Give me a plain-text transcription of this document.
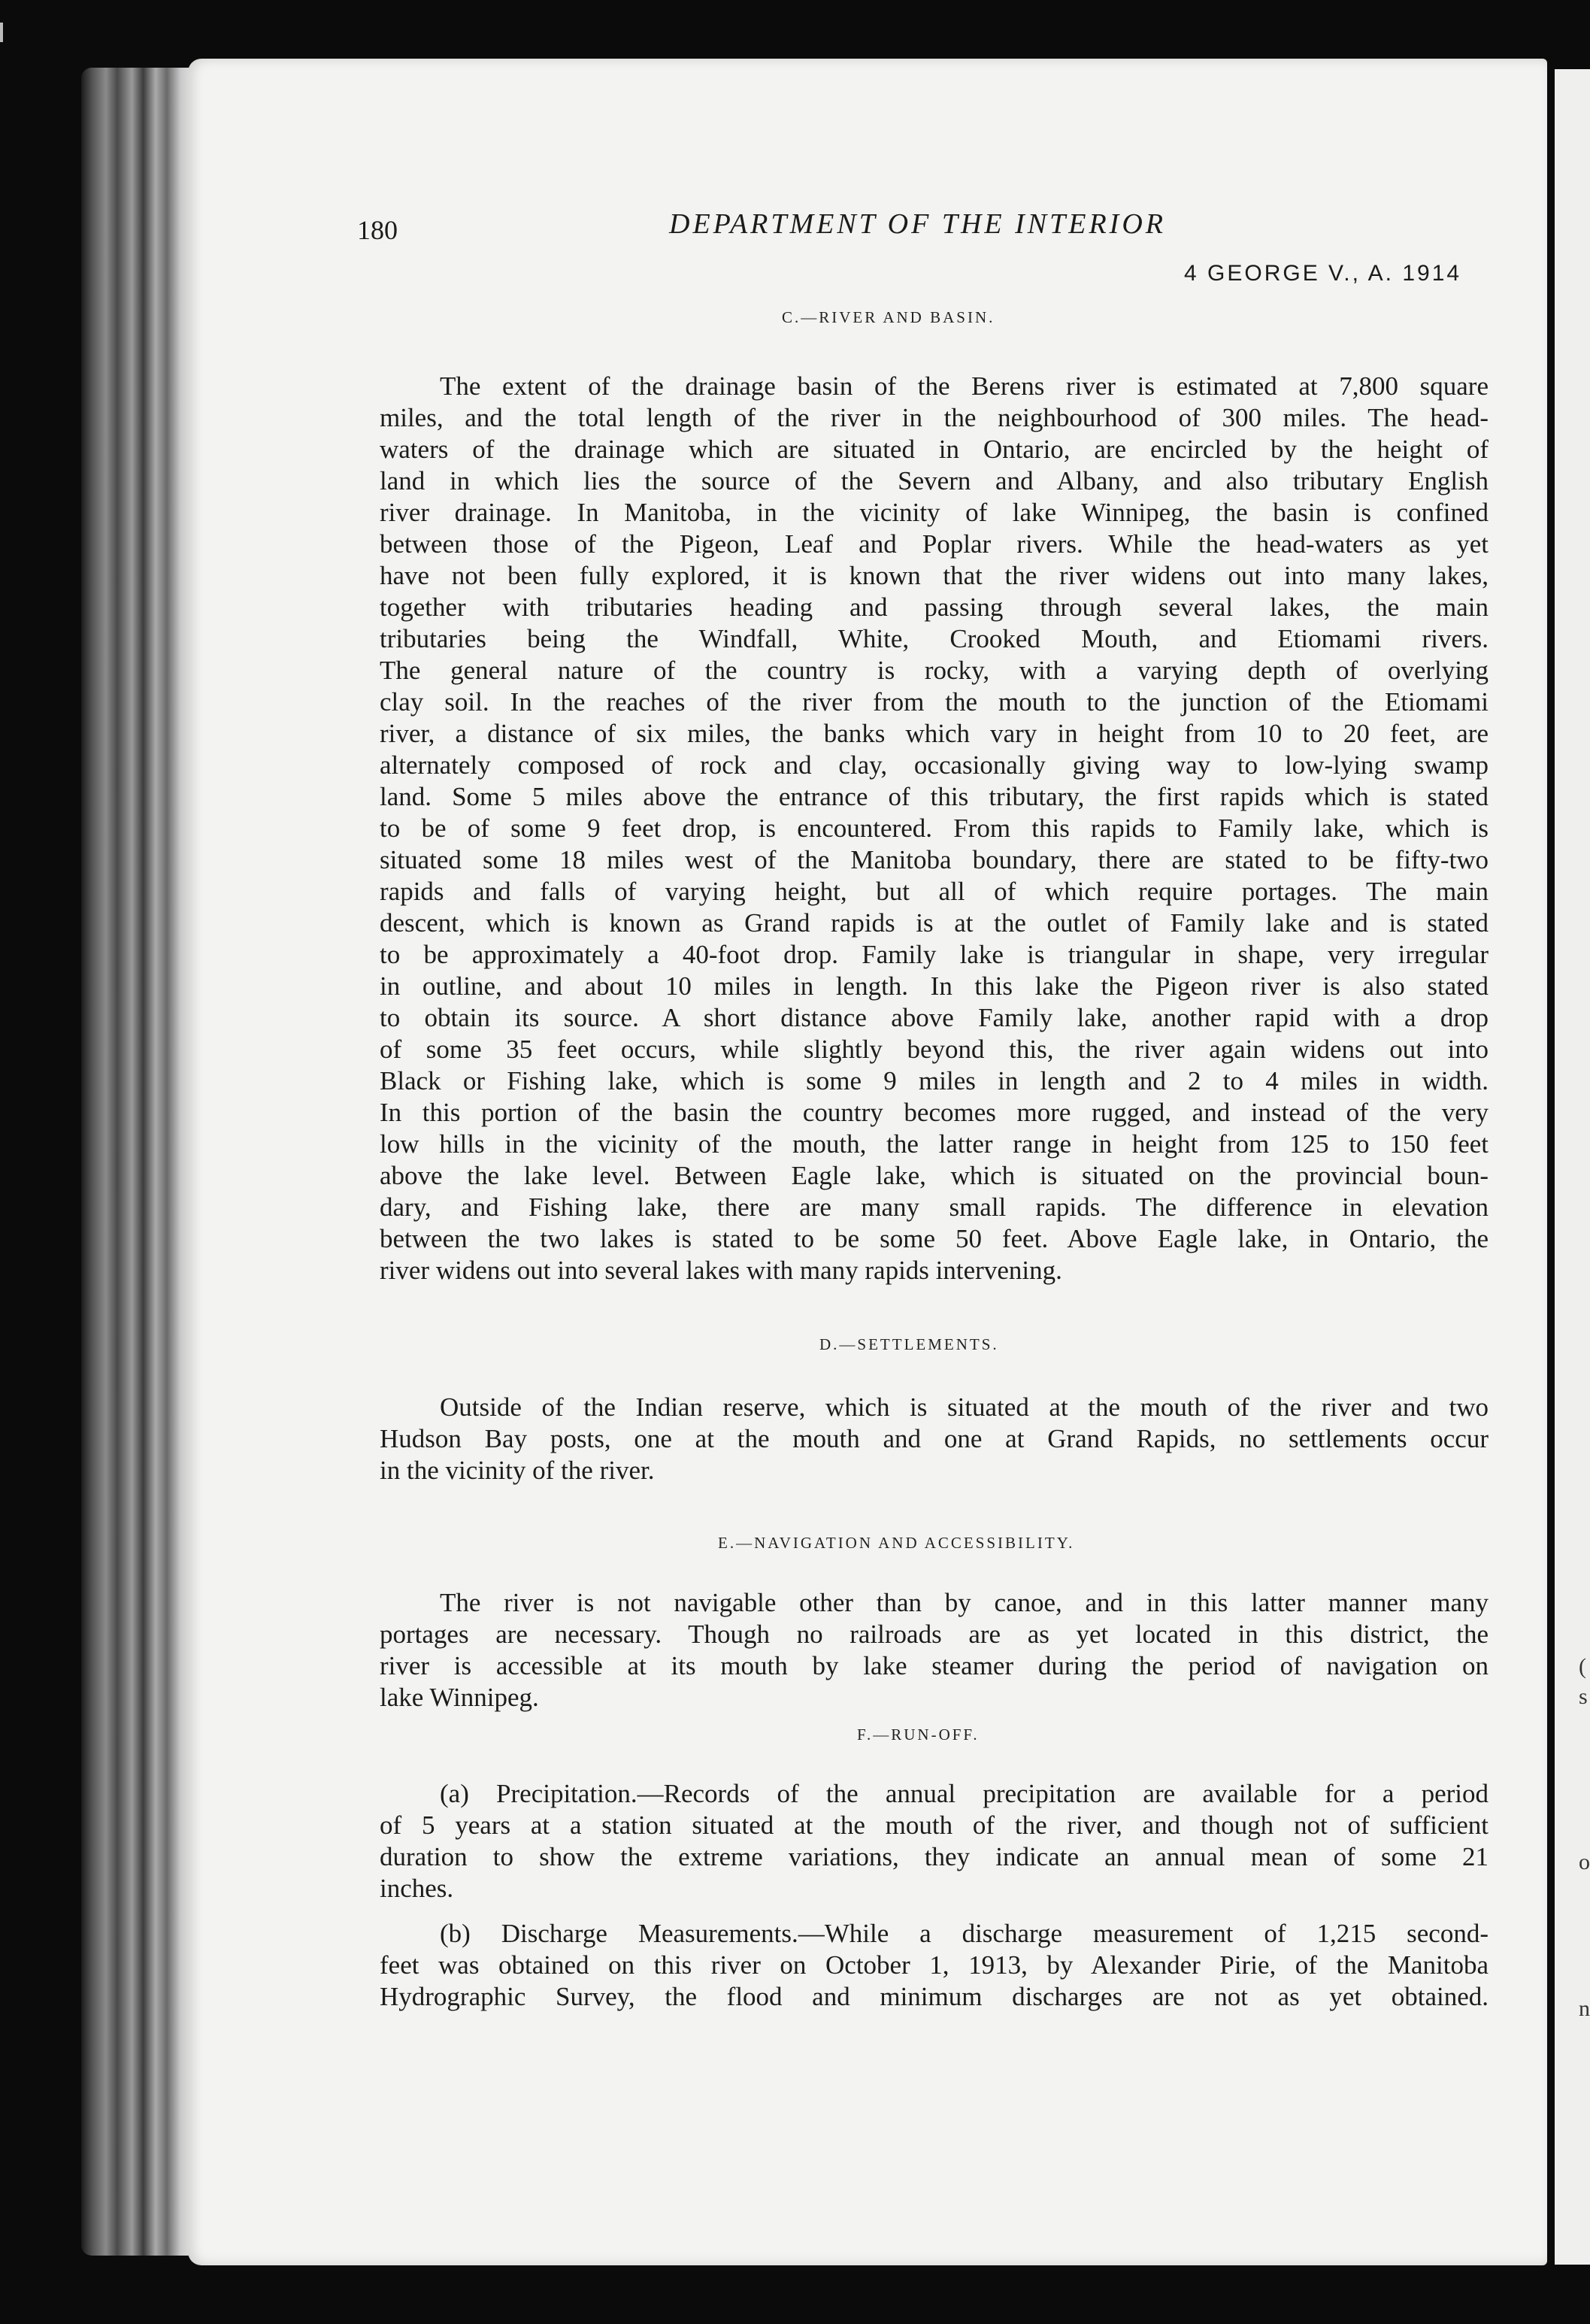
(
s
o
n
180	DEPARTMENT OF THE INTERIOR
4 GEORGE V., A. 1914
C.—RIVER AND BASIN.
The extent of the drainage basin of the Berens river is estimated at 7,800 square
miles, and the total length of the river in the neighbourhood of 300 miles. The head-
waters of the drainage which are situated in Ontario, are encircled by the height of
land in which lies the source of the Severn and Albany, and also tributary English
river drainage. In Manitoba, in the vicinity of lake Winnipeg, the basin is confined
between those of the Pigeon, Leaf and Poplar rivers. While the head-waters as yet
have not been fully explored, it is known that the river widens out into many lakes,
together with tributaries heading and passing through several lakes, the main
tributaries being the Windfall, White, Crooked Mouth, and Etiomami rivers.
The general nature of the country is rocky, with a varying depth of overlying
clay soil. In the reaches of the river from the mouth to the junction of the Etiomami
river, a distance of six miles, the banks which vary in height from 10 to 20 feet, are
alternately composed of rock and clay, occasionally giving way to low-lying swamp
land. Some 5 miles above the entrance of this tributary, the first rapids which is stated
to be of some 9 feet drop, is encountered. From this rapids to Family lake, which is
situated some 18 miles west of the Manitoba boundary, there are stated to be fifty-two
rapids and falls of varying height, but all of which require portages. The main
descent, which is known as Grand rapids is at the outlet of Family lake and is stated
to be approximately a 40-foot drop. Family lake is triangular in shape, very irregular
in outline, and about 10 miles in length. In this lake the Pigeon river is also stated
to obtain its source. A short distance above Family lake, another rapid with a drop
of some 35 feet occurs, while slightly beyond this, the river again widens out into
Black or Fishing lake, which is some 9 miles in length and 2 to 4 miles in width.
In this portion of the basin the country becomes more rugged, and instead of the very
low hills in the vicinity of the mouth, the latter range in height from 125 to 150 feet
above the lake level. Between Eagle lake, which is situated on the provincial boun-
dary, and Fishing lake, there are many small rapids. The difference in elevation
between the two lakes is stated to be some 50 feet. Above Eagle lake, in Ontario, the
river widens out into several lakes with many rapids intervening.
D.—SETTLEMENTS.
Outside of the Indian reserve, which is situated at the mouth of the river and two
Hudson Bay posts, one at the mouth and one at Grand Rapids, no settlements occur
in the vicinity of the river.
E.—NAVIGATION AND ACCESSIBILITY.
The river is not navigable other than by canoe, and in this latter manner many
portages are necessary. Though no railroads are as yet located in this district, the
river is accessible at its mouth by lake steamer during the period of navigation on
lake Winnipeg.
F.—RUN-OFF.
(a) Precipitation.—Records of the annual precipitation are available for a period
of 5 years at a station situated at the mouth of the river, and though not of sufficient
duration to show the extreme variations, they indicate an annual mean of some 21
inches.
(b) Discharge Measurements.—While a discharge measurement of 1,215 second-
feet was obtained on this river on October 1, 1913, by Alexander Pirie, of the Manitoba
Hydrographic Survey, the flood and minimum discharges are not as yet obtained.
